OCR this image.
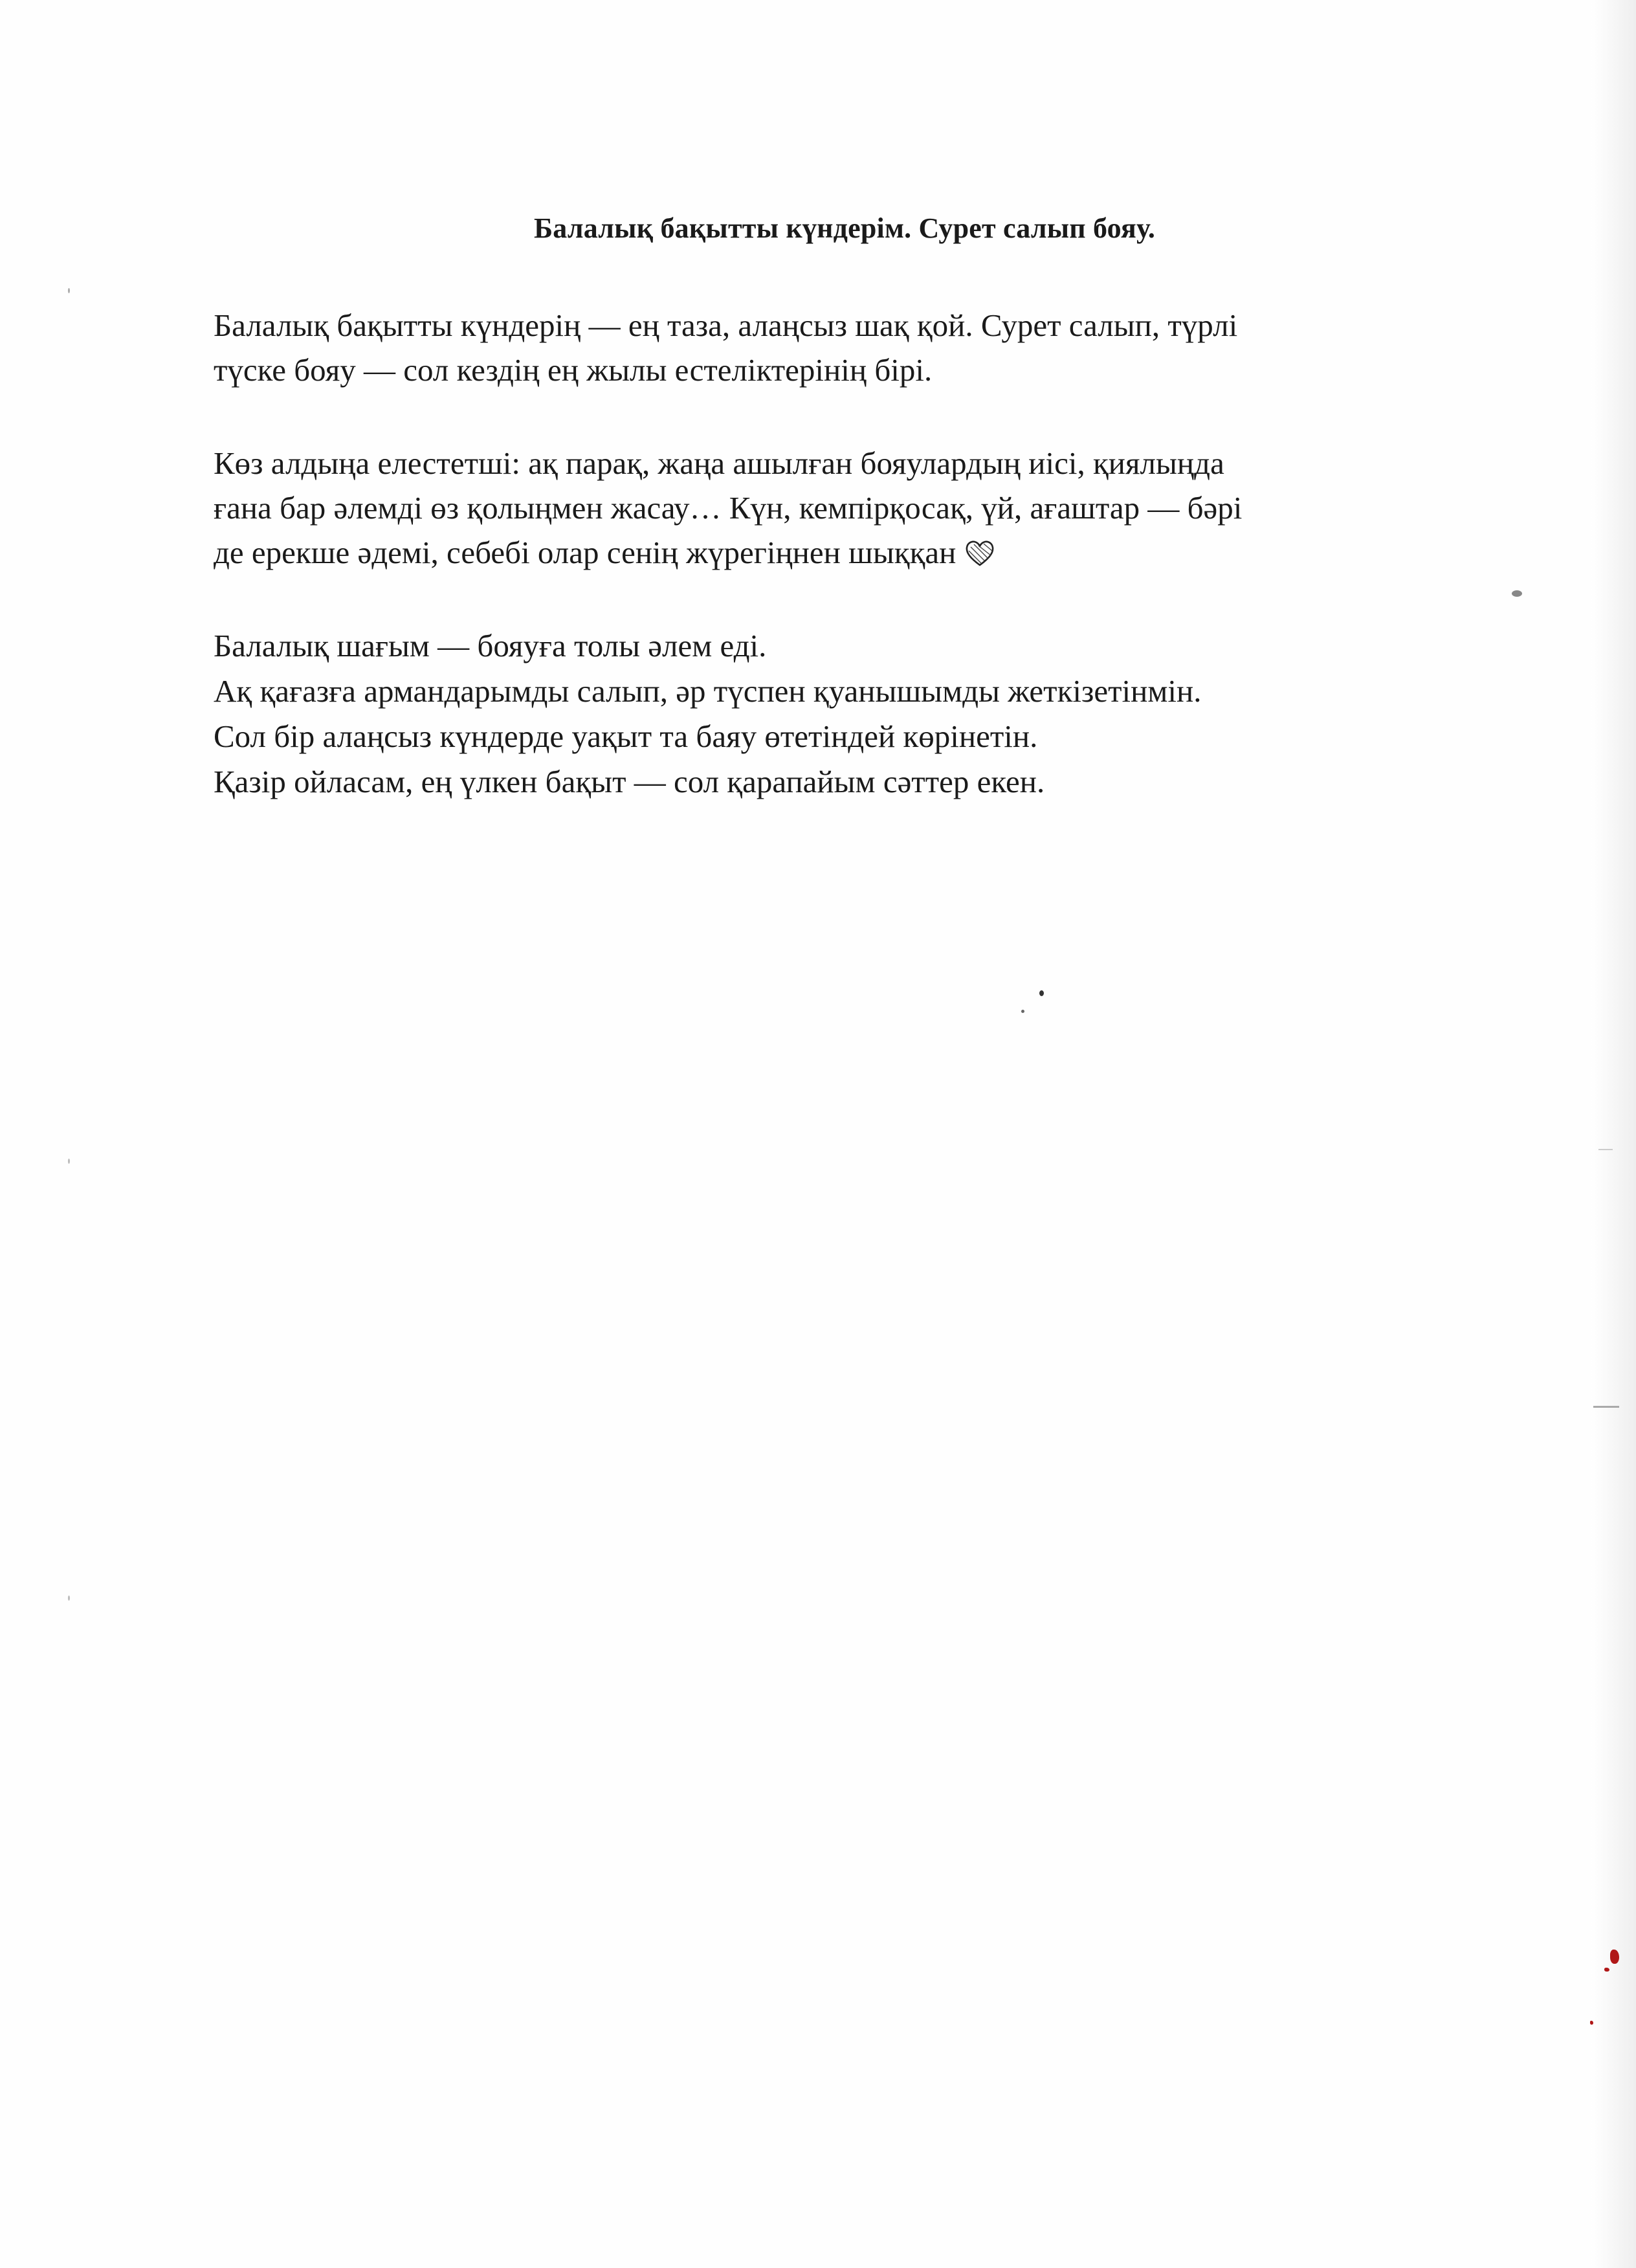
Балалық бақытты күндерім. Сурет салып бояу.
Балалық бақытты күндерің — ең таза, алаңсыз шақ қой. Сурет салып, түрлі
түске бояу — сол кездің ең жылы естеліктерінің бірі.
Көз алдыңа елестетші: ақ парақ, жаңа ашылған бояулардың иісі, қиялыңда
ғана бар әлемді өз қолыңмен жасау… Күн, кемпірқосақ, үй, ағаштар — бәрі
де ерекше әдемі, себебі олар сенің жүрегіңнен шыққан
Балалық шағым — бояуға толы әлем еді.
Ақ қағазға армандарымды салып, әр түспен қуанышымды жеткізетінмін.
Сол бір алаңсыз күндерде уақыт та баяу өтетіндей көрінетін.
Қазір ойласам, ең үлкен бақыт — сол қарапайым сәттер екен.
